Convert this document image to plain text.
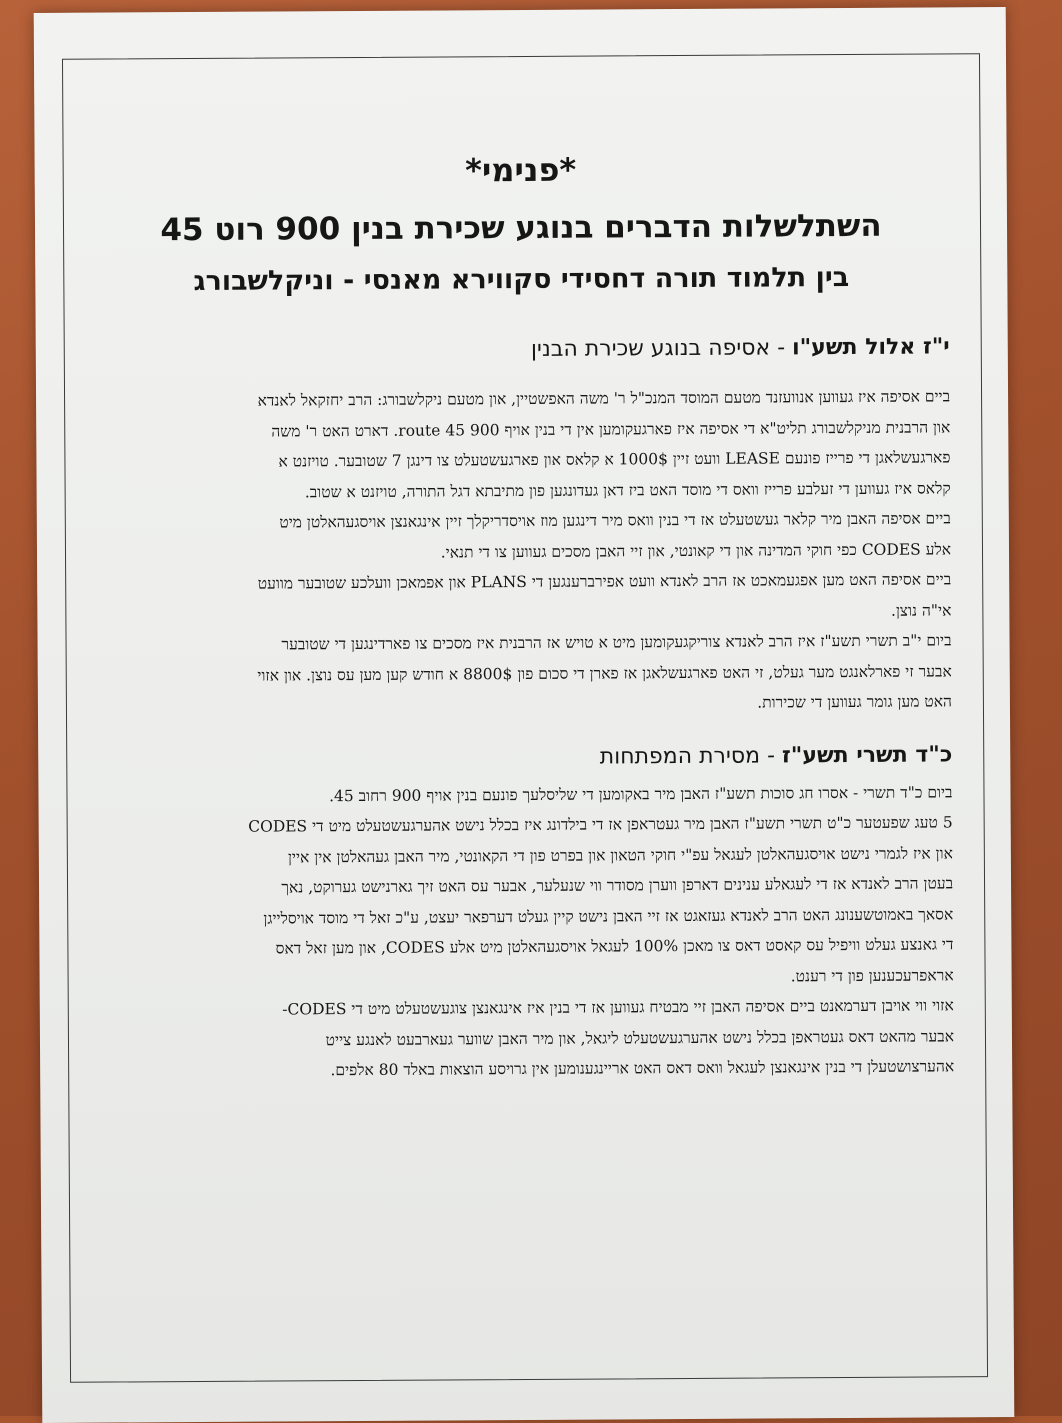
*פנימי*

השתלשלות הדברים בנוגע שכירת בנין 900 רוט 45

בין תלמוד תורה דחסידי סקווירא מאנסי - וניקלשבורג

י"ז אלול תשע"ו - אסיפה בנוגע שכירת הבנין

ביים אסיפה איז געווען אנוועזנד מטעם המוסד המנכ"ל ר' משה האפשטיין, און מטעם ניקלשבורג: הרב יחזקאל לאנדא

און הרבנית מניקלשבורג תליט"א די אסיפה איז פארגעקומען אין די בנין אויף 900 route 45. דארט האט ר' משה

פארגעשלאגן די פרייז פונעם LEASE וועט זיין 1000$ א קלאס און פארגעשטעלט צו דינגן 7 שטובער. טויזנט א

קלאס איז געווען די זעלבע פרייז וואס די מוסד האט ביז דאן געדונגען פון מתיבתא דגל התורה, טויזנט א שטוב.

ביים אסיפה האבן מיר קלאר געשטעלט אז די בנין וואס מיר דינגען מוז אויסדריקלך זיין אינגאנצן אויסגעהאלטן מיט

אלע CODES כפי חוקי המדינה און די קאונטי, און זיי האבן מסכים געווען צו די תנאי.

ביים אסיפה האט מען אפגעמאכט אז הרב לאנדא וועט אפירברענגען די PLANS און אפמאכן וועלכע שטובער מוועט

אי"ה נוצן.

ביום י"ב תשרי תשע"ז איז הרב לאנדא צוריקגעקומען מיט א טויש אז הרבנית איז מסכים צו פארדינגען די שטובער

אבער זי פארלאנגט מער געלט, זי האט פארגעשלאגן אז פארן די סכום פון 8800$ א חודש קען מען עס נוצן. און אזוי

האט מען גומר געווען די שכירות.

כ"ד תשרי תשע"ז - מסירת המפתחות

ביום כ"ד תשרי - אסרו חג סוכות תשע"ז האבן מיר באקומען די שליסלעך פונעם בנין אויף 900 רחוב 45.

5 טעג שפעטער כ"ט תשרי תשע"ז האבן מיר געטראפן אז די בילדונג איז בכלל נישט אהערגעשטעלט מיט די CODES

און איז לגמרי נישט אויסגעהאלטן לעגאל עפ"י חוקי הטאון און בפרט פון די הקאונטי, מיר האבן געהאלטן אין איין

בעטן הרב לאנדא אז די לעגאלע ענינים דארפן ווערן מסודר ווי שנעלער, אבער עס האט זיך גארנישט גערוקט, נאך

אסאך באמוטשענונג האט הרב לאנדא געזאגט אז זיי האבן נישט קיין געלט דערפאר יעצט, ע"כ זאל די מוסד אויסלייגן

די גאנצע געלט וויפיל עס קאסט דאס צו מאכן 100% לעגאל אויסגעהאלטן מיט אלע CODES, און מען זאל דאס

אראפרעכענען פון די רענט.

אזוי ווי אויבן דערמאנט ביים אסיפה האבן זיי מבטיח געווען אז די בנין איז אינגאנצן צוגעשטעלט מיט די CODES-

אבער מהאט דאס געטראפן בכלל נישט אהערגעשטעלט ליגאל, און מיר האבן שווער געארבעט לאנגע צייט

אהערצושטעלן די בנין אינגאנצן לעגאל וואס דאס האט אריינגענומען אין גרויסע הוצאות באלד 80 אלפים.
